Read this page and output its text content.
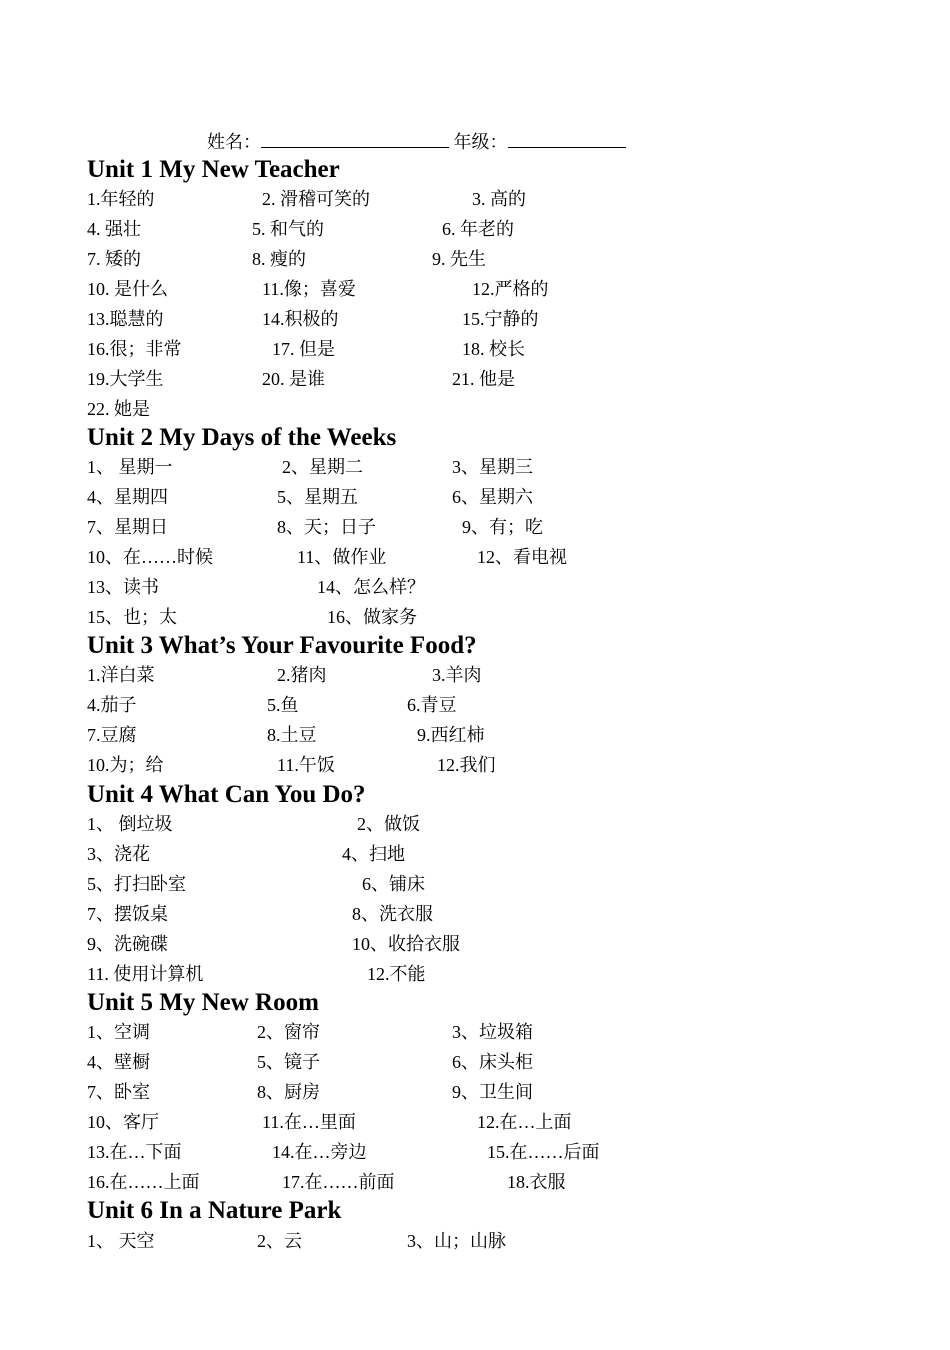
姓名：	年级：
Unit 1 My New Teacher
1.年轻的	2. 滑稽可笑的	3. 高的
4. 强壮	5. 和气的	6. 年老的
7. 矮的	8. 瘦的	9. 先生
10. 是什么	11.像；喜爱	12.严格的
13.聪慧的	14.积极的	15.宁静的
16.很；非常	17. 但是	18. 校长
19.大学生	20. 是谁	21. 他是
22. 她是
Unit 2 My Days of the Weeks
1、 星期一	2、星期二	3、星期三
4、星期四	5、星期五	6、星期六
7、星期日	8、天；日子	9、有；吃
10、在……时候	11、做作业	12、看电视
13、读书	14、怎么样？
15、也；太	16、做家务
Unit 3 What’s Your Favourite Food?
1.洋白菜	2.猪肉	3.羊肉
4.茄子	5.鱼	6.青豆
7.豆腐	8.土豆	9.西红柿
10.为；给	11.午饭	12.我们
Unit 4 What Can You Do?
1、 倒垃圾	2、做饭
3、浇花	4、扫地
5、打扫卧室	6、铺床
7、摆饭桌	8、洗衣服
9、洗碗碟	10、收拾衣服
11. 使用计算机	12.不能
Unit 5 My New Room
1、空调	2、窗帘	3、垃圾箱
4、壁橱	5、镜子	6、床头柜
7、卧室	8、厨房	9、卫生间
10、客厅	11.在…里面	12.在…上面
13.在…下面	14.在…旁边	15.在……后面
16.在……上面	17.在……前面	18.衣服
Unit 6 In a Nature Park
1、 天空	2、云	3、山；山脉
